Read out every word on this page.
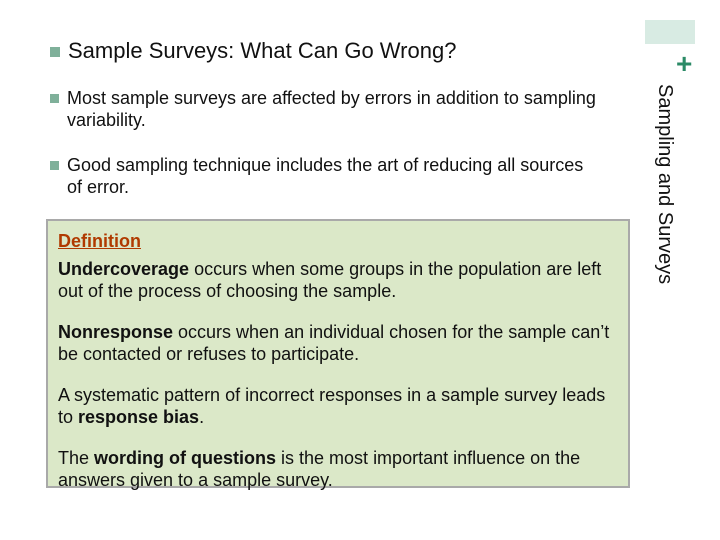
+
Sampling and Surveys
Sample Surveys: What Can Go Wrong?
Most sample surveys are affected by errors in addition to sampling variability.
Good sampling technique includes the art of reducing all sources of error.
Definition

Undercoverage occurs when some groups in the population are left out of the process of choosing the sample.

Nonresponse occurs when an individual chosen for the sample can’t be contacted or refuses to participate.

A systematic pattern of incorrect responses in a sample survey leads to response bias.

The wording of questions is the most important influence on the answers given to a sample survey.
